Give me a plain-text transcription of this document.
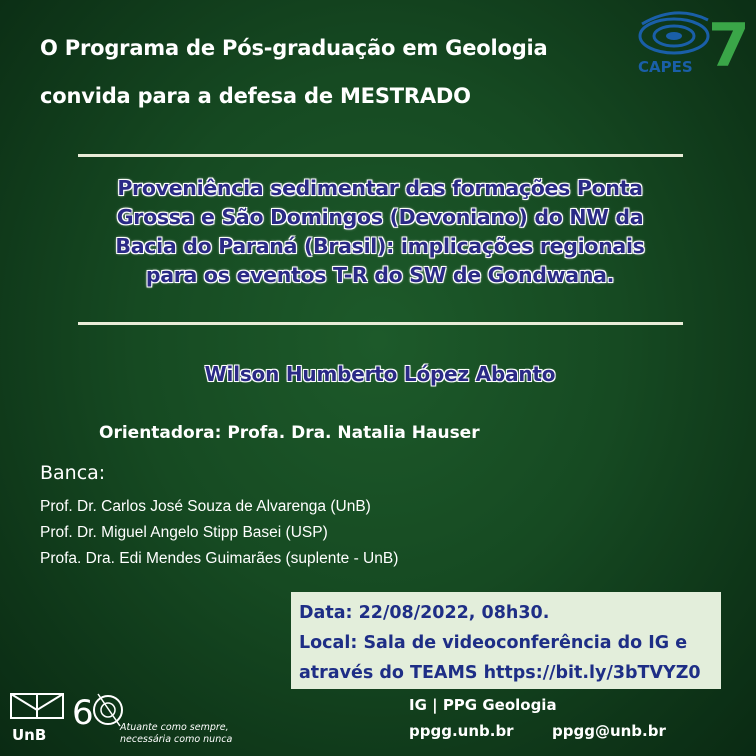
CAPES 7
O Programa de Pós-graduação em Geologia
convida para a defesa de MESTRADO
Proveniência sedimentar das formações Ponta
Grossa e São Domingos (Devoniano) do NW da
Bacia do Paraná (Brasil): implicações regionais
para os eventos T-R do SW de Gondwana.
Wilson Humberto López Abanto
Orientadora: Profa. Dra. Natalia Hauser
Banca:
Prof. Dr. Carlos José Souza de Alvarenga (UnB)
Prof. Dr. Miguel Angelo Stipp Basei (USP)
Profa. Dra. Edi Mendes Guimarães (suplente - UnB)
Data: 22/08/2022, 08h30.
Local: Sala de videoconferência do IG e
através do TEAMS https://bit.ly/3bTVYZ0
UnB
6	Atuante como sempre,
necessária como nunca
IG | PPG Geologia
ppgg.unb.br	ppgg@unb.br
